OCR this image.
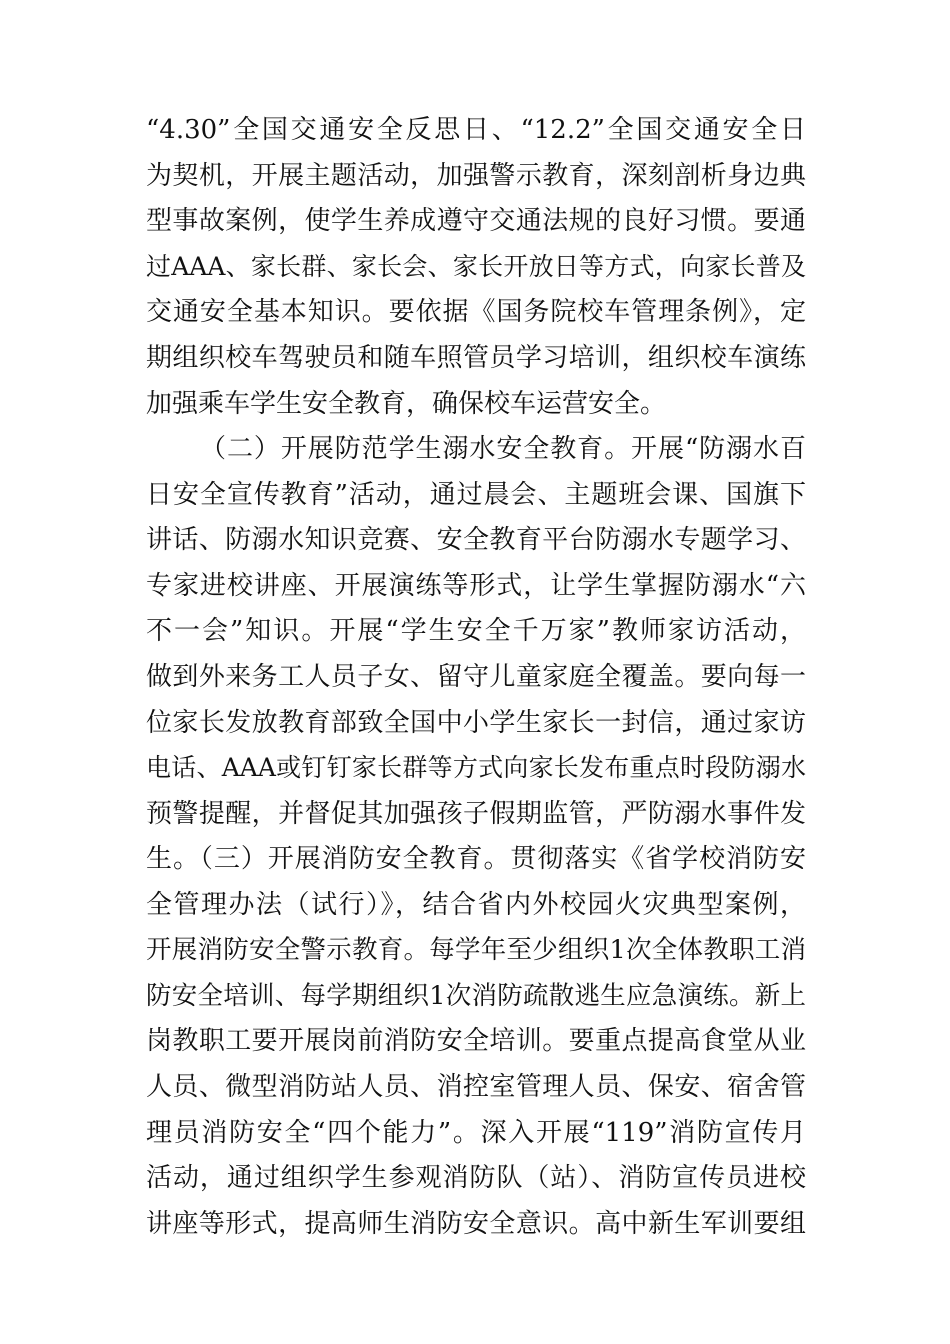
“4.30”全国交通安全反思日、“12.2”全国交通安全日
为契机，开展主题活动，加强警示教育，深刻剖析身边典
型事故案例，使学生养成遵守交通法规的良好习惯。要通
过AAA、家长群、家长会、家长开放日等方式，向家长普及
交通安全基本知识。要依据《国务院校车管理条例》，定
期组织校车驾驶员和随车照管员学习培训，组织校车演练
加强乘车学生安全教育，确保校车运营安全。
（二）开展防范学生溺水安全教育。开展“防溺水百
日安全宣传教育”活动，通过晨会、主题班会课、国旗下
讲话、防溺水知识竞赛、安全教育平台防溺水专题学习、
专家进校讲座、开展演练等形式，让学生掌握防溺水“六
不一会”知识。开展“学生安全千万家”教师家访活动，
做到外来务工人员子女、留守儿童家庭全覆盖。要向每一
位家长发放教育部致全国中小学生家长一封信，通过家访
电话、AAA或钉钉家长群等方式向家长发布重点时段防溺水
预警提醒，并督促其加强孩子假期监管，严防溺水事件发
生。（三）开展消防安全教育。贯彻落实《省学校消防安
全管理办法（试行）》，结合省内外校园火灾典型案例，
开展消防安全警示教育。每学年至少组织1次全体教职工消
防安全培训、每学期组织1次消防疏散逃生应急演练。新上
岗教职工要开展岗前消防安全培训。要重点提高食堂从业
人员、微型消防站人员、消控室管理人员、保安、宿舍管
理员消防安全“四个能力”。深入开展“119”消防宣传月
活动，通过组织学生参观消防队（站）、消防宣传员进校
讲座等形式，提高师生消防安全意识。高中新生军训要组
